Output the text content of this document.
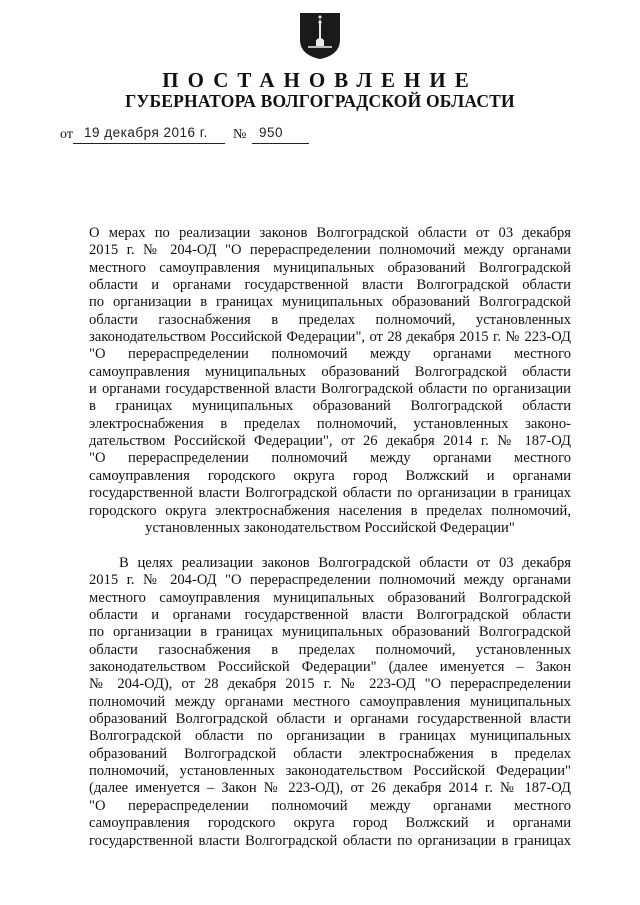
ПОСТАНОВЛЕНИЕ
ГУБЕРНАТОРА ВОЛГОГРАДСКОЙ ОБЛАСТИ
от 19 декабря 2016 г. № 950
О мерах по реализации законов Волгоградской области от 03 декабря
2015 г. № 204-ОД "О перераспределении полномочий между органами
местного самоуправления муниципальных образований Волгоградской
области и органами государственной власти Волгоградской области
по организации в границах муниципальных образований Волгоградской
области газоснабжения в пределах полномочий, установленных
законодательством Российской Федерации", от 28 декабря 2015 г. № 223-ОД
"О перераспределении полномочий между органами местного
самоуправления муниципальных образований Волгоградской области
и органами государственной власти Волгоградской области по организации
в границах муниципальных образований Волгоградской области
электроснабжения в пределах полномочий, установленных законо-
дательством Российской Федерации", от 26 декабря 2014 г. № 187-ОД
"О перераспределении полномочий между органами местного
самоуправления городского округа город Волжский и органами
государственной власти Волгоградской области по организации в границах
городского округа электроснабжения населения в пределах полномочий,
установленных законодательством Российской Федерации"
В целях реализации законов Волгоградской области от 03 декабря
2015 г. № 204-ОД "О перераспределении полномочий между органами
местного самоуправления муниципальных образований Волгоградской
области и органами государственной власти Волгоградской области
по организации в границах муниципальных образований Волгоградской
области газоснабжения в пределах полномочий, установленных
законодательством Российской Федерации" (далее именуется – Закон
№ 204-ОД), от 28 декабря 2015 г. № 223-ОД "О перераспределении
полномочий между органами местного самоуправления муниципальных
образований Волгоградской области и органами государственной власти
Волгоградской области по организации в границах муниципальных
образований Волгоградской области электроснабжения в пределах
полномочий, установленных законодательством Российской Федерации"
(далее именуется – Закон № 223-ОД), от 26 декабря 2014 г. № 187-ОД
"О перераспределении полномочий между органами местного
самоуправления городского округа город Волжский и органами
государственной власти Волгоградской области по организации в границах
